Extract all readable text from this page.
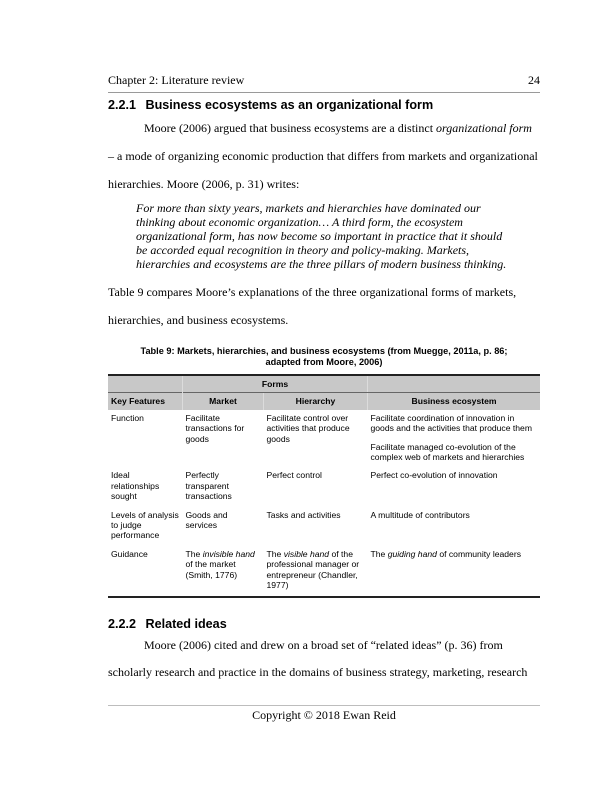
Chapter 2: Literature review	24
2.2.1 Business ecosystems as an organizational form
Moore (2006) argued that business ecosystems are a distinct organizational form
– a mode of organizing economic production that differs from markets and organizational
hierarchies. Moore (2006, p. 31) writes:
For more than sixty years, markets and hierarchies have dominated our thinking about economic organization… A third form, the ecosystem organizational form, has now become so important in practice that it should be accorded equal recognition in theory and policy-making. Markets, hierarchies and ecosystems are the three pillars of modern business thinking.
Table 9 compares Moore’s explanations of the three organizational forms of markets,
hierarchies, and business ecosystems.
Table 9: Markets, hierarchies, and business ecosystems (from Muegge, 2011a, p. 86;
adapted from Moore, 2006)
	Forms		
Key Features	Market	Hierarchy	Business ecosystem
Function	Facilitate transactions for goods	Facilitate control over activities that produce goods	Facilitate coordination of innovation in goods and the activities that produce them
Facilitate managed co-evolution of the complex web of markets and hierarchies

Ideal relationships sought	Perfectly transparent transactions	Perfect control	Perfect co-evolution of innovation
Levels of analysis to judge performance	Goods and services	Tasks and activities	A multitude of contributors
Guidance	The invisible hand of the market (Smith, 1776)	The visible hand of the professional manager or entrepreneur (Chandler, 1977)	The guiding hand of community leaders
2.2.2 Related ideas
Moore (2006) cited and drew on a broad set of “related ideas” (p. 36) from
scholarly research and practice in the domains of business strategy, marketing, research
Copyright © 2018 Ewan Reid
